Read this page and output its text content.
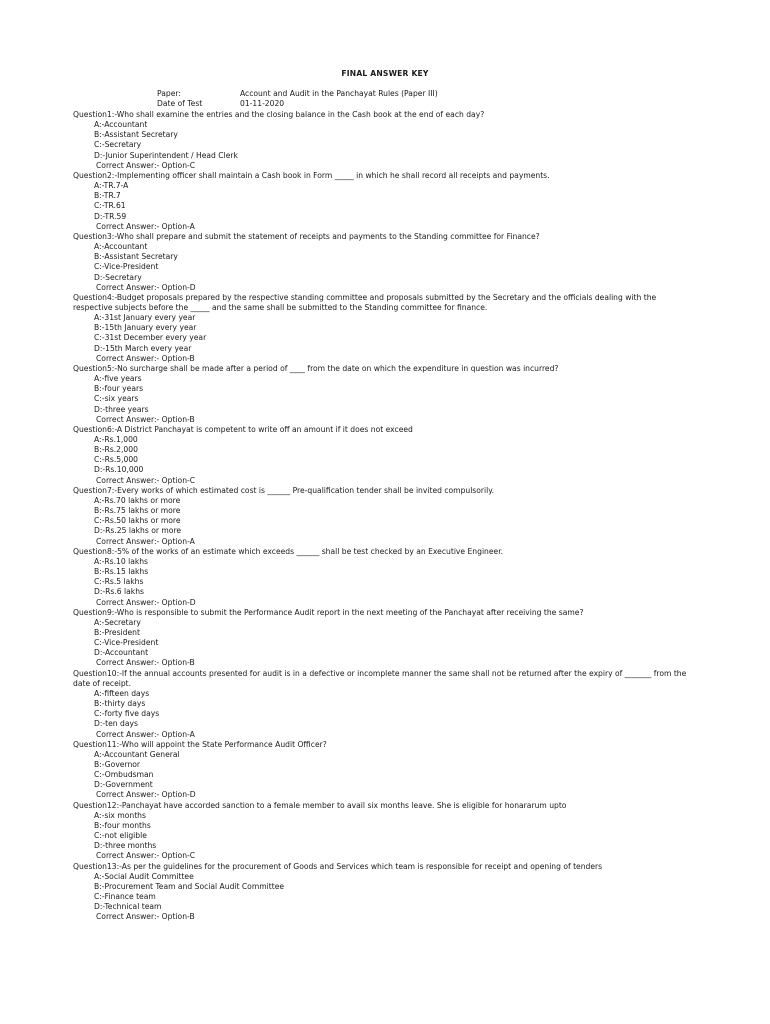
FINAL ANSWER KEY
Paper:	Account and Audit in the Panchayat Rules (Paper III)
Date of Test	01-11-2020
Question1:-Who shall examine the entries and the closing balance in the Cash book at the end of each day?
A:-Accountant
B:-Assistant Secretary
C:-Secretary
D:-Junior Superintendent / Head Clerk
Correct Answer:- Option-C
Question2:-Implementing officer shall maintain a Cash book in Form _____ in which he shall record all receipts and payments.
A:-TR.7-A
B:-TR.7
C:-TR.61
D:-TR.59
Correct Answer:- Option-A
Question3:-Who shall prepare and submit the statement of receipts and payments to the Standing committee for Finance?
A:-Accountant
B:-Assistant Secretary
C:-Vice-President
D:-Secretary
Correct Answer:- Option-D
Question4:-Budget proposals prepared by the respective standing committee and proposals submitted by the Secretary and the officials dealing with the respective subjects before the _____ and the same shall be submitted to the Standing committee for finance.
A:-31st January every year
B:-15th January every year
C:-31st December every year
D:-15th March every year
Correct Answer:- Option-B
Question5:-No surcharge shall be made after a period of ____ from the date on which the expenditure in question was incurred?
A:-five years
B:-four years
C:-six years
D:-three years
Correct Answer:- Option-B
Question6:-A District Panchayat is competent to write off an amount if it does not exceed
A:-Rs.1,000
B:-Rs.2,000
C:-Rs.5,000
D:-Rs.10,000
Correct Answer:- Option-C
Question7:-Every works of which estimated cost is ______ Pre-qualification tender shall be invited compulsorily.
A:-Rs.70 lakhs or more
B:-Rs.75 lakhs or more
C:-Rs.50 lakhs or more
D:-Rs.25 lakhs or more
Correct Answer:- Option-A
Question8:-5% of the works of an estimate which exceeds ______ shall be test checked by an Executive Engineer.
A:-Rs.10 lakhs
B:-Rs.15 lakhs
C:-Rs.5 lakhs
D:-Rs.6 lakhs
Correct Answer:- Option-D
Question9:-Who is responsible to submit the Performance Audit report in the next meeting of the Panchayat after receiving the same?
A:-Secretary
B:-President
C:-Vice-President
D:-Accountant
Correct Answer:- Option-B
Question10:-If the annual accounts presented for audit is in a defective or incomplete manner the same shall not be returned after the expiry of _______ from the date of receipt.
A:-fifteen days
B:-thirty days
C:-forty five days
D:-ten days
Correct Answer:- Option-A
Question11:-Who will appoint the State Performance Audit Officer?
A:-Accountant General
B:-Governor
C:-Ombudsman
D:-Government
Correct Answer:- Option-D
Question12:-Panchayat have accorded sanction to a female member to avail six months leave. She is eligible for honararum upto
A:-six months
B:-four months
C:-not eligible
D:-three months
Correct Answer:- Option-C
Question13:-As per the guidelines for the procurement of Goods and Services which team is responsible for receipt and opening of tenders
A:-Social Audit Committee
B:-Procurement Team and Social Audit Committee
C:-Finance team
D:-Technical team
Correct Answer:- Option-B
